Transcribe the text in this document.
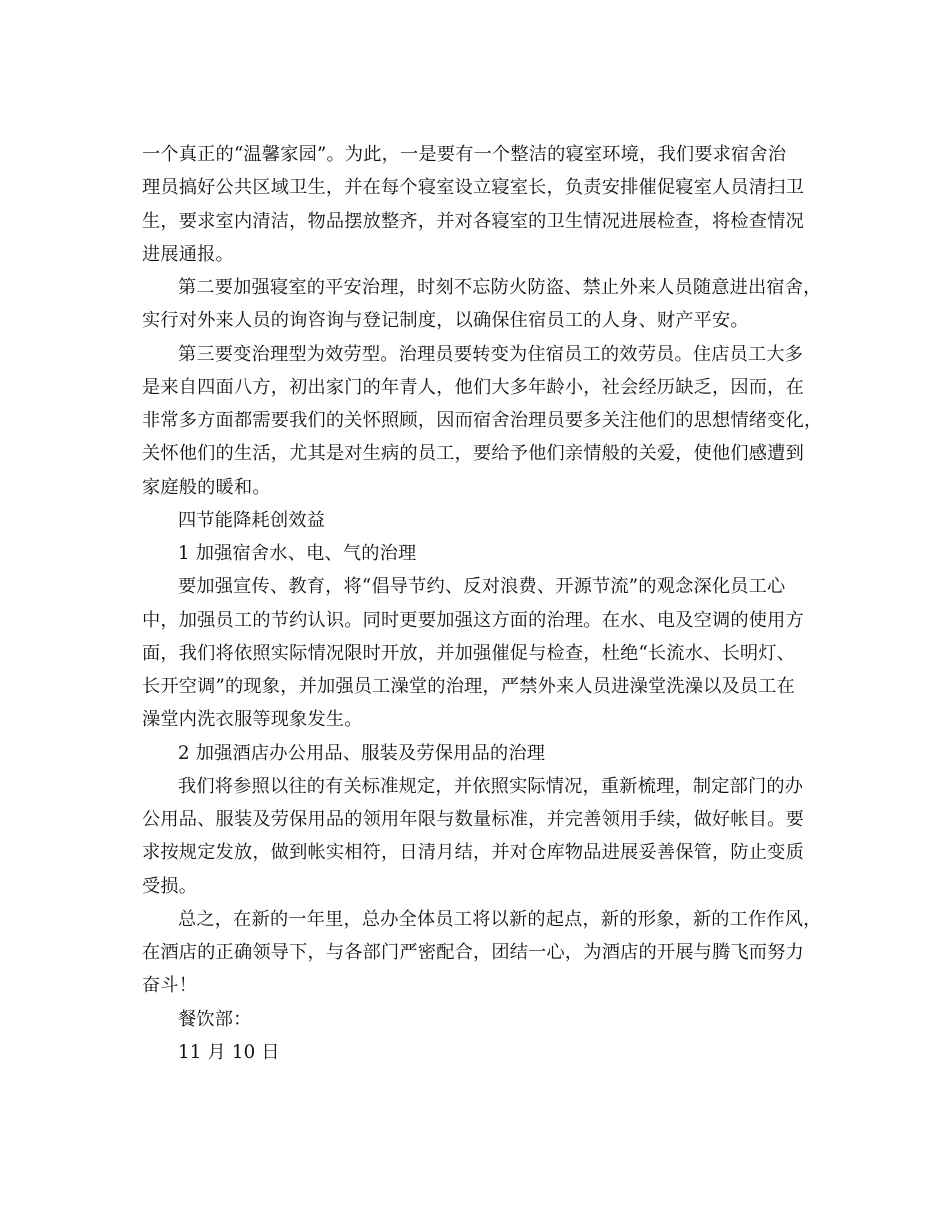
一个真正的“温馨家园”。为此，一是要有一个整洁的寝室环境，我们要求宿舍治
理员搞好公共区域卫生，并在每个寝室设立寝室长，负责安排催促寝室人员清扫卫
生，要求室内清洁，物品摆放整齐，并对各寝室的卫生情况进展检查，将检查情况
进展通报。
第二要加强寝室的平安治理，时刻不忘防火防盗、禁止外来人员随意进出宿舍，
实行对外来人员的询咨询与登记制度，以确保住宿员工的人身、财产平安。
第三要变治理型为效劳型。治理员要转变为住宿员工的效劳员。住店员工大多
是来自四面八方，初出家门的年青人，他们大多年龄小，社会经历缺乏，因而，在
非常多方面都需要我们的关怀照顾，因而宿舍治理员要多关注他们的思想情绪变化，
关怀他们的生活，尤其是对生病的员工，要给予他们亲情般的关爱，使他们感遭到
家庭般的暖和。
四节能降耗创效益
1 加强宿舍水、电、气的治理
要加强宣传、教育，将“倡导节约、反对浪费、开源节流”的观念深化员工心
中，加强员工的节约认识。同时更要加强这方面的治理。在水、电及空调的使用方
面，我们将依照实际情况限时开放，并加强催促与检查，杜绝“长流水、长明灯、
长开空调”的现象，并加强员工澡堂的治理，严禁外来人员进澡堂洗澡以及员工在
澡堂内洗衣服等现象发生。
2 加强酒店办公用品、服装及劳保用品的治理
我们将参照以往的有关标准规定，并依照实际情况，重新梳理，制定部门的办
公用品、服装及劳保用品的领用年限与数量标准，并完善领用手续，做好帐目。要
求按规定发放，做到帐实相符，日清月结，并对仓库物品进展妥善保管，防止变质
受损。
总之，在新的一年里，总办全体员工将以新的起点，新的形象，新的工作作风，
在酒店的正确领导下，与各部门严密配合，团结一心，为酒店的开展与腾飞而努力
奋斗！
餐饮部：
11 月 10 日
